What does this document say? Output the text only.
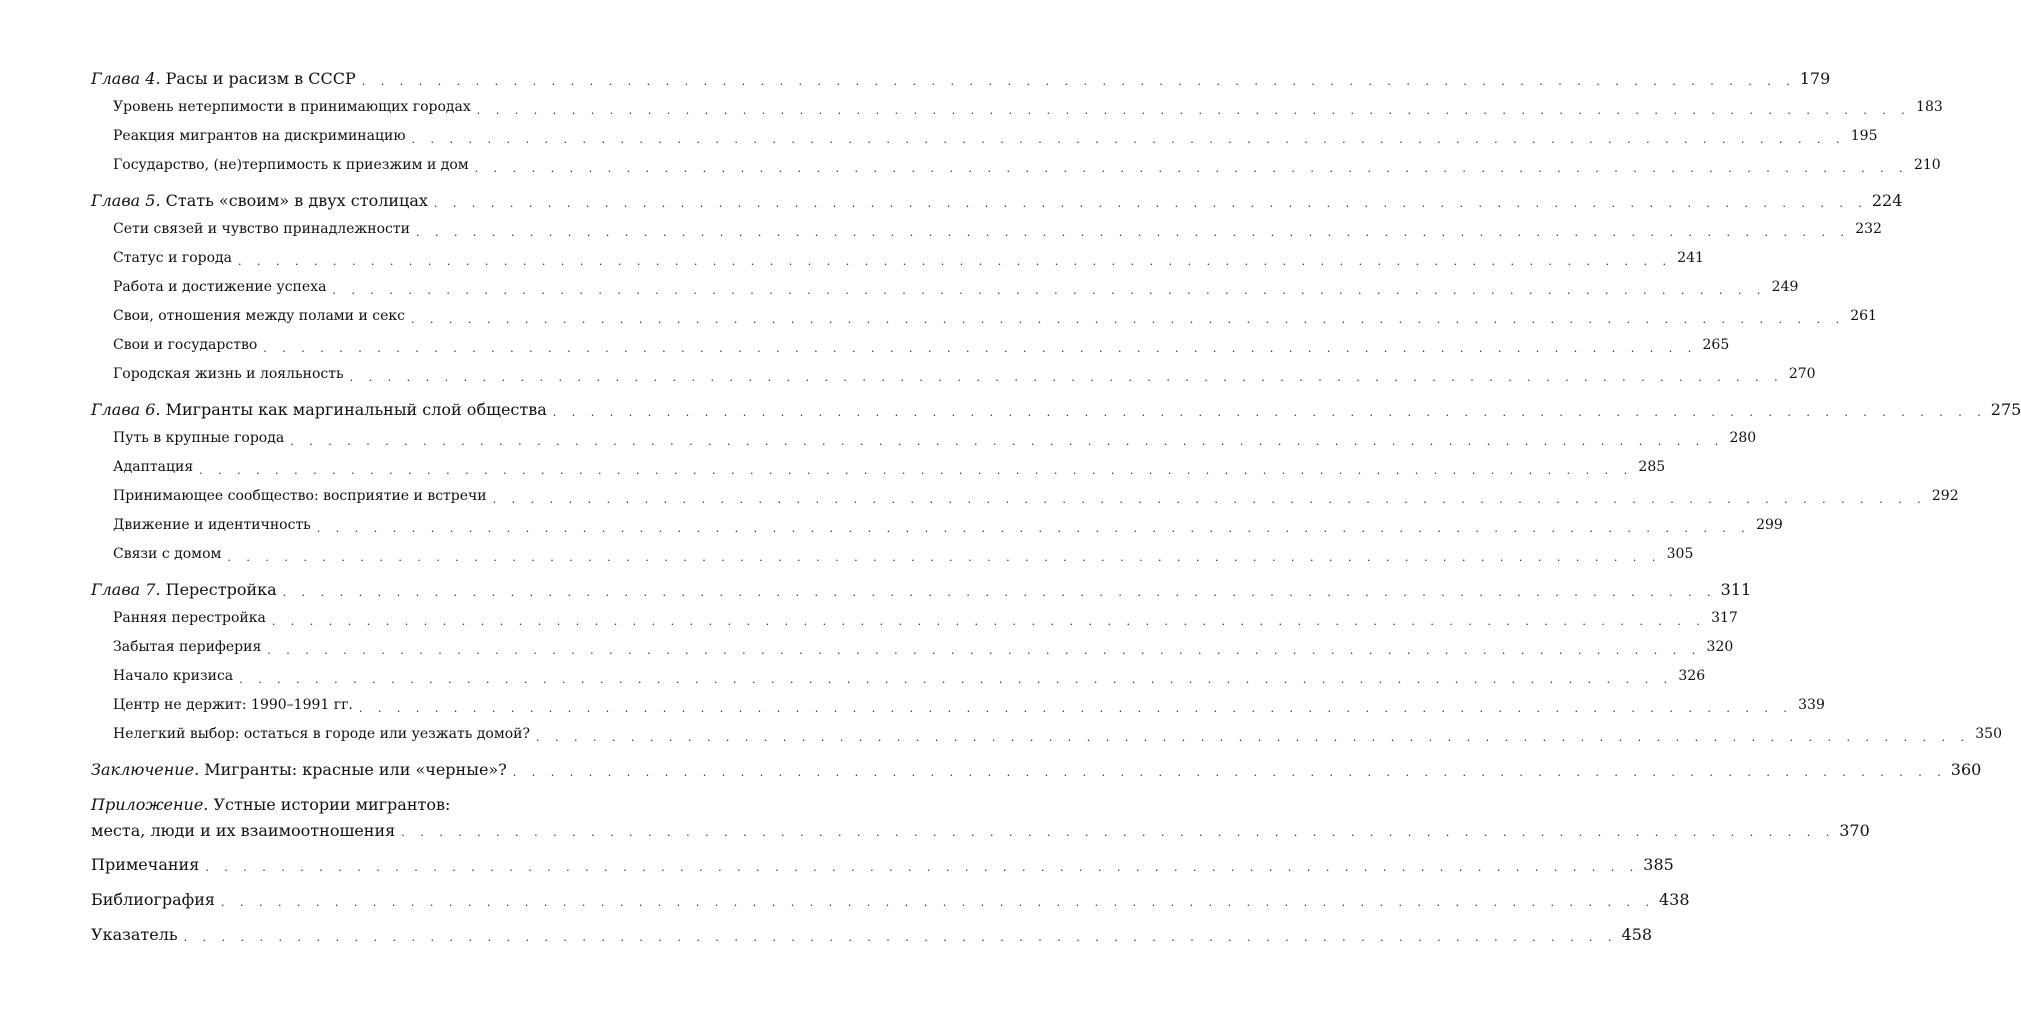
Глава 4. Расы и расизм в СССР . . . . . . . . . . . . . . . . . . . . . . . . . . . . . . . . . . . . . . . . . . . . . . . . . . . . . . . . . . . . . . . . . . . . . . . . . . . . 179
Уровень нетерпимости в принимающих городах . . . . . . . . . . . . . . . . . . . . . . . . . . . . . . . . . . . . . . . . . . . . . . . . . . . . . . . . . . . . . . . . . . . . . . . . . . . . 183
Реакция мигрантов на дискриминацию . . . . . . . . . . . . . . . . . . . . . . . . . . . . . . . . . . . . . . . . . . . . . . . . . . . . . . . . . . . . . . . . . . . . . . . . . . . . 195
Государство, (не)терпимость к приезжим и дом . . . . . . . . . . . . . . . . . . . . . . . . . . . . . . . . . . . . . . . . . . . . . . . . . . . . . . . . . . . . . . . . . . . . . . . . . . . . 210
Глава 5. Стать «своим» в двух столицах . . . . . . . . . . . . . . . . . . . . . . . . . . . . . . . . . . . . . . . . . . . . . . . . . . . . . . . . . . . . . . . . . . . . . . . . . . . . 224
Сети связей и чувство принадлежности . . . . . . . . . . . . . . . . . . . . . . . . . . . . . . . . . . . . . . . . . . . . . . . . . . . . . . . . . . . . . . . . . . . . . . . . . . . . 232
Статус и города . . . . . . . . . . . . . . . . . . . . . . . . . . . . . . . . . . . . . . . . . . . . . . . . . . . . . . . . . . . . . . . . . . . . . . . . . . . . 241
Работа и достижение успеха . . . . . . . . . . . . . . . . . . . . . . . . . . . . . . . . . . . . . . . . . . . . . . . . . . . . . . . . . . . . . . . . . . . . . . . . . . . . 249
Свои, отношения между полами и секс . . . . . . . . . . . . . . . . . . . . . . . . . . . . . . . . . . . . . . . . . . . . . . . . . . . . . . . . . . . . . . . . . . . . . . . . . . . . 261
Свои и государство . . . . . . . . . . . . . . . . . . . . . . . . . . . . . . . . . . . . . . . . . . . . . . . . . . . . . . . . . . . . . . . . . . . . . . . . . . . . 265
Городская жизнь и лояльность . . . . . . . . . . . . . . . . . . . . . . . . . . . . . . . . . . . . . . . . . . . . . . . . . . . . . . . . . . . . . . . . . . . . . . . . . . . . 270
Глава 6. Мигранты как маргинальный слой общества . . . . . . . . . . . . . . . . . . . . . . . . . . . . . . . . . . . . . . . . . . . . . . . . . . . . . . . . . . . . . . . . . . . . . . . . . . . . 275
Путь в крупные города . . . . . . . . . . . . . . . . . . . . . . . . . . . . . . . . . . . . . . . . . . . . . . . . . . . . . . . . . . . . . . . . . . . . . . . . . . . . 280
Адаптация . . . . . . . . . . . . . . . . . . . . . . . . . . . . . . . . . . . . . . . . . . . . . . . . . . . . . . . . . . . . . . . . . . . . . . . . . . . . 285
Принимающее сообщество: восприятие и встречи . . . . . . . . . . . . . . . . . . . . . . . . . . . . . . . . . . . . . . . . . . . . . . . . . . . . . . . . . . . . . . . . . . . . . . . . . . . . 292
Движение и идентичность . . . . . . . . . . . . . . . . . . . . . . . . . . . . . . . . . . . . . . . . . . . . . . . . . . . . . . . . . . . . . . . . . . . . . . . . . . . . 299
Связи с домом . . . . . . . . . . . . . . . . . . . . . . . . . . . . . . . . . . . . . . . . . . . . . . . . . . . . . . . . . . . . . . . . . . . . . . . . . . . . 305
Глава 7. Перестройка . . . . . . . . . . . . . . . . . . . . . . . . . . . . . . . . . . . . . . . . . . . . . . . . . . . . . . . . . . . . . . . . . . . . . . . . . . . . 311
Ранняя перестройка . . . . . . . . . . . . . . . . . . . . . . . . . . . . . . . . . . . . . . . . . . . . . . . . . . . . . . . . . . . . . . . . . . . . . . . . . . . . 317
Забытая периферия . . . . . . . . . . . . . . . . . . . . . . . . . . . . . . . . . . . . . . . . . . . . . . . . . . . . . . . . . . . . . . . . . . . . . . . . . . . . 320
Начало кризиса . . . . . . . . . . . . . . . . . . . . . . . . . . . . . . . . . . . . . . . . . . . . . . . . . . . . . . . . . . . . . . . . . . . . . . . . . . . . 326
Центр не держит: 1990–1991 гг. . . . . . . . . . . . . . . . . . . . . . . . . . . . . . . . . . . . . . . . . . . . . . . . . . . . . . . . . . . . . . . . . . . . . . . . . . . . . 339
Нелегкий выбор: остаться в городе или уезжать домой? . . . . . . . . . . . . . . . . . . . . . . . . . . . . . . . . . . . . . . . . . . . . . . . . . . . . . . . . . . . . . . . . . . . . . . . . . . . . 350
Заключение. Мигранты: красные или «черные»? . . . . . . . . . . . . . . . . . . . . . . . . . . . . . . . . . . . . . . . . . . . . . . . . . . . . . . . . . . . . . . . . . . . . . . . . . . . . 360
Приложение. Устные истории мигрантов:
места, люди и их взаимоотношения . . . . . . . . . . . . . . . . . . . . . . . . . . . . . . . . . . . . . . . . . . . . . . . . . . . . . . . . . . . . . . . . . . . . . . . . . . . . 370
Примечания . . . . . . . . . . . . . . . . . . . . . . . . . . . . . . . . . . . . . . . . . . . . . . . . . . . . . . . . . . . . . . . . . . . . . . . . . . . . 385
Библиография . . . . . . . . . . . . . . . . . . . . . . . . . . . . . . . . . . . . . . . . . . . . . . . . . . . . . . . . . . . . . . . . . . . . . . . . . . . . 438
Указатель . . . . . . . . . . . . . . . . . . . . . . . . . . . . . . . . . . . . . . . . . . . . . . . . . . . . . . . . . . . . . . . . . . . . . . . . . . . . 458
